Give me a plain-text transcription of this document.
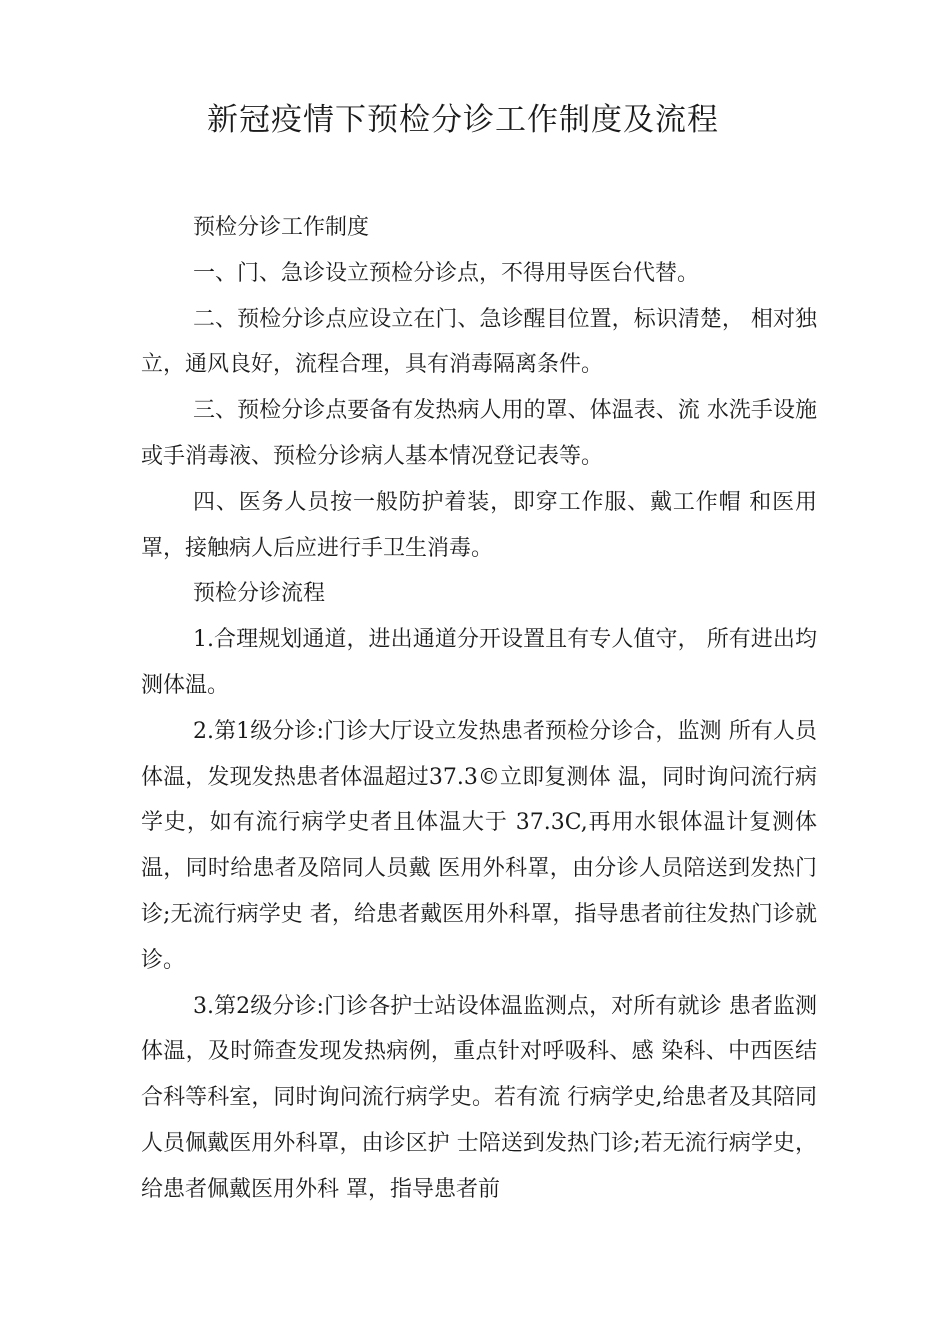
新冠疫情下预检分诊工作制度及流程

预检分诊工作制度

一、门、急诊设立预检分诊点，不得用导医台代替。

二、预检分诊点应设立在门、急诊醒目位置，标识清楚， 相对独立，通风良好，流程合理，具有消毒隔离条件。

三、预检分诊点要备有发热病人用的罩、体温表、流 水洗手设施或手消毒液、预检分诊病人基本情况登记表等。

四、医务人员按一般防护着装，即穿工作服、戴工作帽 和医用罩，接触病人后应进行手卫生消毒。

预检分诊流程

1.合理规划通道，进出通道分开设置且有专人值守， 所有进出均测体温。

2.第1级分诊:门诊大厅设立发热患者预检分诊合，监测 所有人员体温，发现发热患者体温超过37.3©立即复测体 温，同时询问流行病学史，如有流行病学史者且体温大于 37.3C,再用水银体温计复测体温，同时给患者及陪同人员戴 医用外科罩，由分诊人员陪送到发热门诊;无流行病学史 者，给患者戴医用外科罩，指导患者前往发热门诊就诊。

3.第2级分诊:门诊各护士站设体温监测点，对所有就诊 患者监测体温，及时筛查发现发热病例，重点针对呼吸科、感 染科、中西医结合科等科室，同时询问流行病学史。若有流 行病学史,给患者及其陪同人员佩戴医用外科罩，由诊区护 士陪送到发热门诊;若无流行病学史，给患者佩戴医用外科 罩，指导患者前
